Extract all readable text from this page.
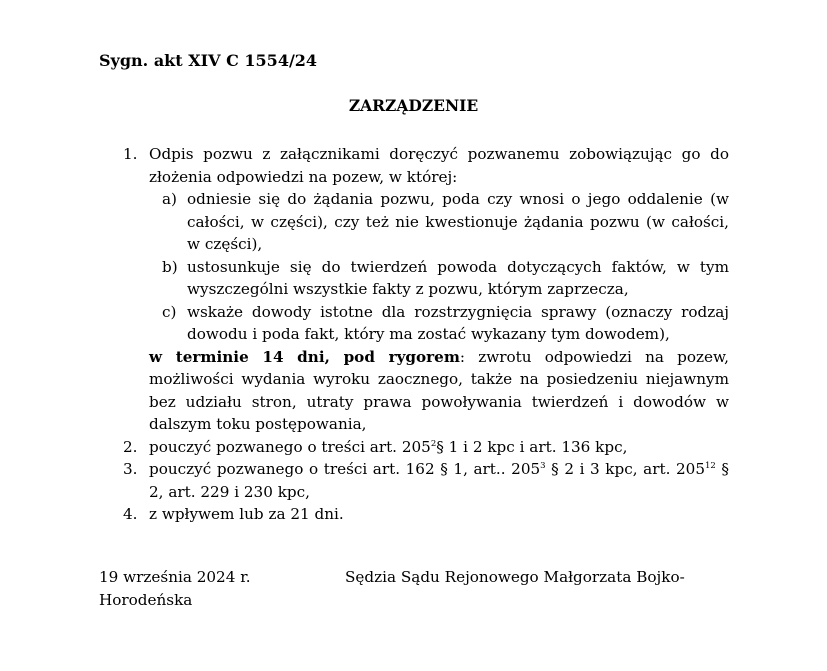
Sygn. akt XIV C 1554/24
ZARZĄDZENIE
1. Odpis pozwu z załącznikami doręczyć pozwanemu zobowiązując go do złożenia odpowiedzi na pozew, w której:
a) odniesie się do żądania pozwu, poda czy wnosi o jego oddalenie (w całości, w części), czy też nie kwestionuje żądania pozwu (w całości, w części),
b) ustosunkuje się do twierdzeń powoda dotyczących faktów, w tym wyszczególni wszystkie fakty z pozwu, którym zaprzecza,
c) wskaże dowody istotne dla rozstrzygnięcia sprawy (oznaczy rodzaj dowodu i poda fakt, który ma zostać wykazany tym dowodem),
w terminie 14 dni, pod rygorem: zwrotu odpowiedzi na pozew, możliwości wydania wyroku zaocznego, także na posiedzeniu niejawnym bez udziału stron, utraty prawa powoływania twierdzeń i dowodów w dalszym toku postępowania,
2. pouczyć pozwanego o treści art. $205^2\S$ 1 i 2 kpc i art. 136 kpc,
3. pouczyć pozwanego o treści art. 162 § 1, art.. $205^3$ § 2 i 3 kpc, art. $205^{12}$ § 2, art. 229 i 230 kpc,
4. z wpływem lub za 21 dni.
19 września 2024 r.	Sędzia Sądu Rejonowego Małgorzata Bojko-Horodeńska
